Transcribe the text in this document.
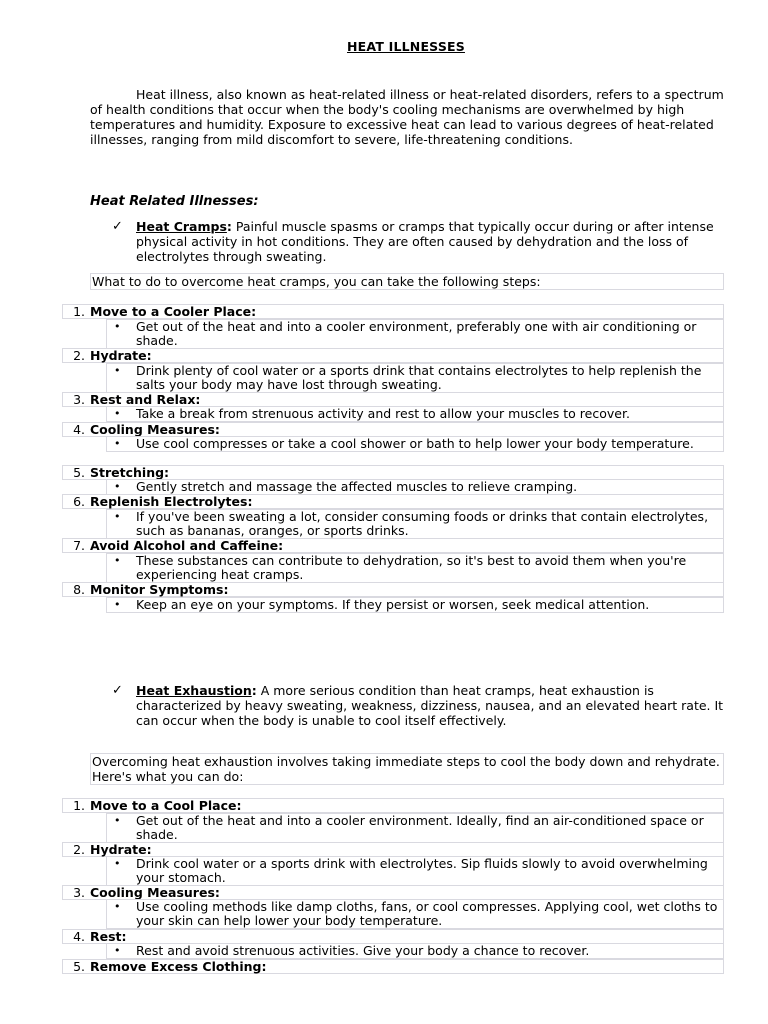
HEAT ILLNESSES
Heat illness, also known as heat-related illness or heat-related disorders, refers to a spectrum of health conditions that occur when the body's cooling mechanisms are overwhelmed by high temperatures and humidity. Exposure to excessive heat can lead to various degrees of heat-related illnesses, ranging from mild discomfort to severe, life-threatening conditions.
Heat Related Illnesses:
✓ Heat Cramps: Painful muscle spasms or cramps that typically occur during or after intense physical activity in hot conditions. They are often caused by dehydration and the loss of electrolytes through sweating.
What to do to overcome heat cramps, you can take the following steps:
1. Move to a Cooler Place:
• Get out of the heat and into a cooler environment, preferably one with air conditioning or shade.
2. Hydrate:
• Drink plenty of cool water or a sports drink that contains electrolytes to help replenish the salts your body may have lost through sweating.
3. Rest and Relax:
• Take a break from strenuous activity and rest to allow your muscles to recover.
4. Cooling Measures:
• Use cool compresses or take a cool shower or bath to help lower your body temperature.
5. Stretching:
• Gently stretch and massage the affected muscles to relieve cramping.
6. Replenish Electrolytes:
• If you've been sweating a lot, consider consuming foods or drinks that contain electrolytes, such as bananas, oranges, or sports drinks.
7. Avoid Alcohol and Caffeine:
• These substances can contribute to dehydration, so it's best to avoid them when you're experiencing heat cramps.
8. Monitor Symptoms:
• Keep an eye on your symptoms. If they persist or worsen, seek medical attention.
✓ Heat Exhaustion: A more serious condition than heat cramps, heat exhaustion is characterized by heavy sweating, weakness, dizziness, nausea, and an elevated heart rate. It can occur when the body is unable to cool itself effectively.
Overcoming heat exhaustion involves taking immediate steps to cool the body down and rehydrate. Here's what you can do:
1. Move to a Cool Place:
• Get out of the heat and into a cooler environment. Ideally, find an air-conditioned space or shade.
2. Hydrate:
• Drink cool water or a sports drink with electrolytes. Sip fluids slowly to avoid overwhelming your stomach.
3. Cooling Measures:
• Use cooling methods like damp cloths, fans, or cool compresses. Applying cool, wet cloths to your skin can help lower your body temperature.
4. Rest:
• Rest and avoid strenuous activities. Give your body a chance to recover.
5. Remove Excess Clothing:
